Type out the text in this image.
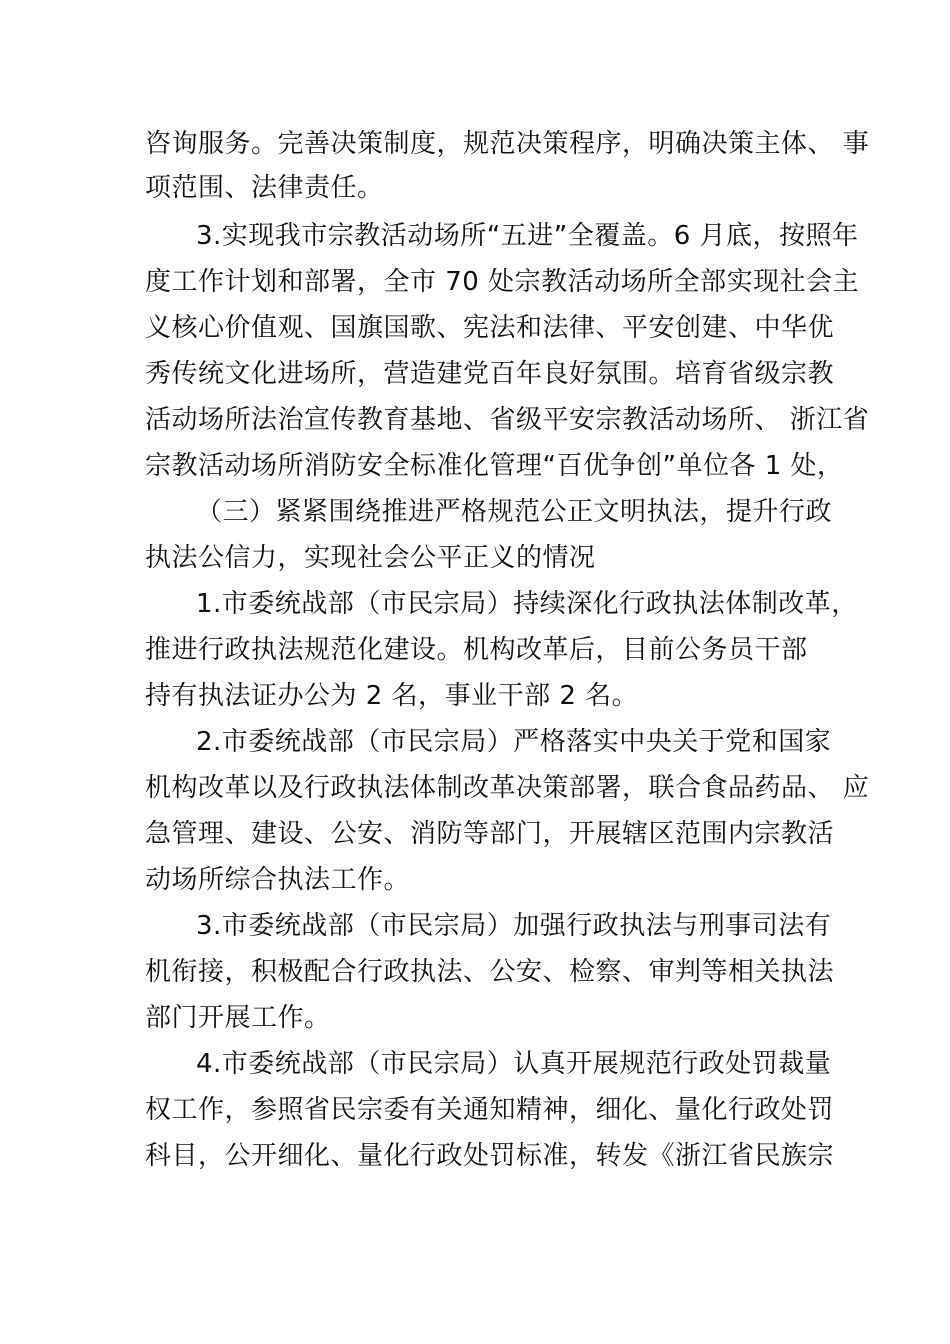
咨询服务。完善决策制度，规范决策程序，明确决策主体、 事
项范围、法律责任。
3.实现我市宗教活动场所“五进”全覆盖。6 月底，按照年
度工作计划和部署，全市 70 处宗教活动场所全部实现社会主
义核心价值观、国旗国歌、宪法和法律、平安创建、中华优
秀传统文化进场所，营造建党百年良好氛围。培育省级宗教
活动场所法治宣传教育基地、省级平安宗教活动场所、 浙江省
宗教活动场所消防安全标准化管理“百优争创”单位各 1 处，
（三）紧紧围绕推进严格规范公正文明执法，提升行政
执法公信力，实现社会公平正义的情况
1.市委统战部（市民宗局）持续深化行政执法体制改革，
推进行政执法规范化建设。机构改革后，目前公务员干部
持有执法证办公为 2 名，事业干部 2 名。
2.市委统战部（市民宗局）严格落实中央关于党和国家
机构改革以及行政执法体制改革决策部署，联合食品药品、 应
急管理、建设、公安、消防等部门，开展辖区范围内宗教活
动场所综合执法工作。
3.市委统战部（市民宗局）加强行政执法与刑事司法有
机衔接，积极配合行政执法、公安、检察、审判等相关执法
部门开展工作。
4.市委统战部（市民宗局）认真开展规范行政处罚裁量
权工作，参照省民宗委有关通知精神，细化、量化行政处罚
科目，公开细化、量化行政处罚标准，转发《浙江省民族宗
